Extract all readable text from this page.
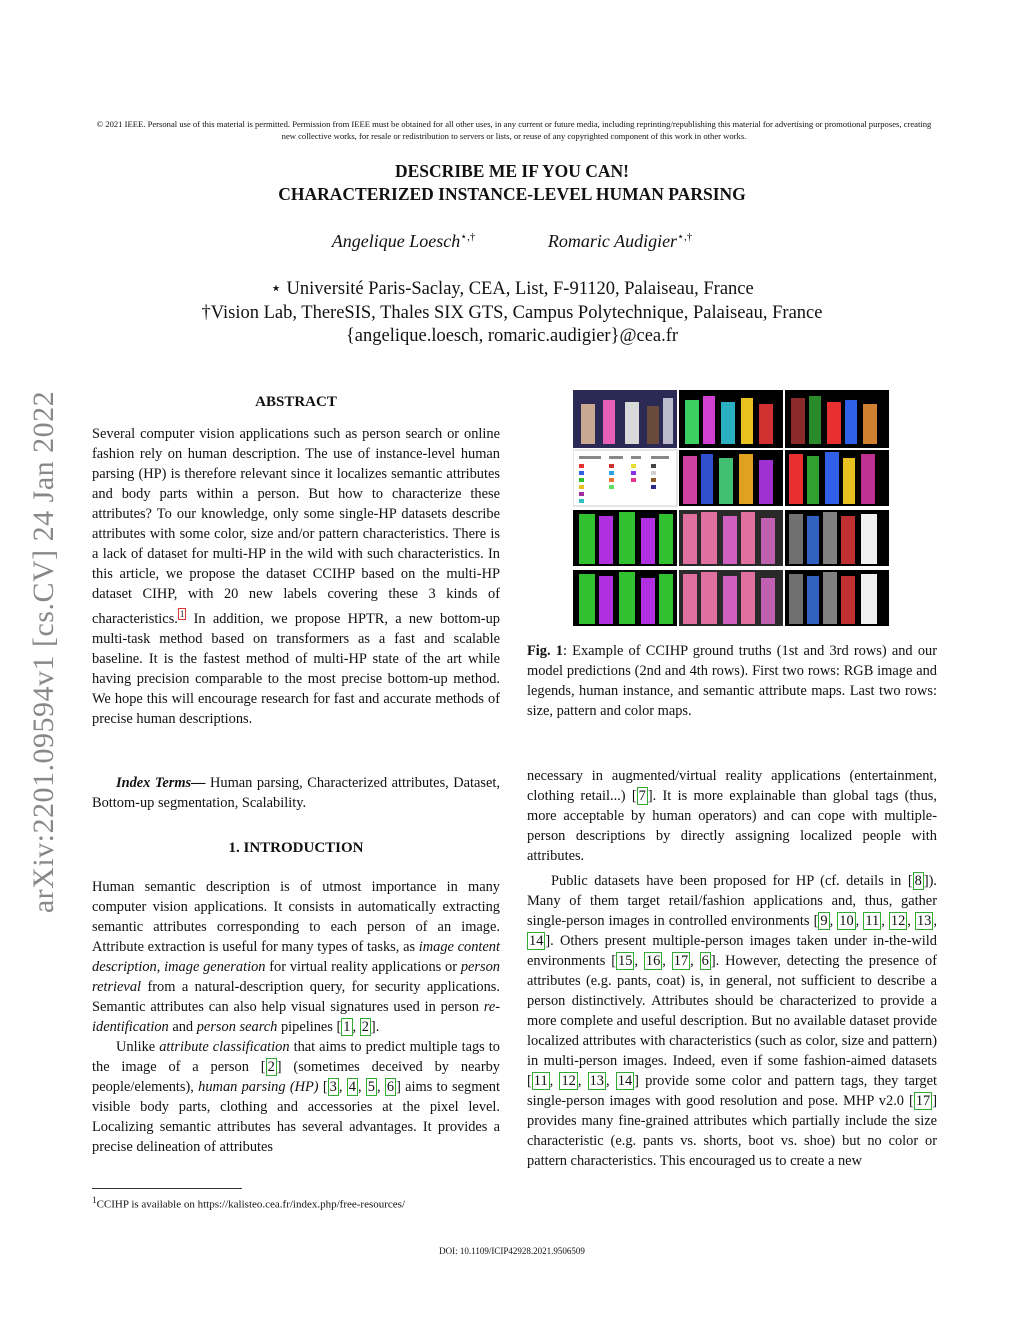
© 2021 IEEE. Personal use of this material is permitted. Permission from IEEE must be obtained for all other uses, in any current or future media, including reprinting/republishing this material for advertising or promotional purposes, creating new collective works, for resale or redistribution to servers or lists, or reuse of any copyrighted component of this work in other works.
DESCRIBE ME IF YOU CAN!
CHARACTERIZED INSTANCE-LEVEL HUMAN PARSING
Angelique Loesch⋆,†	Romaric Audigier⋆,†
⋆ Université Paris-Saclay, CEA, List, F-91120, Palaiseau, France
†Vision Lab, ThereSIS, Thales SIX GTS, Campus Polytechnique, Palaiseau, France
{angelique.loesch, romaric.audigier}@cea.fr
arXiv:2201.09594v1 [cs.CV] 24 Jan 2022	ABSTRACT

Several computer vision applications such as person search or online fashion rely on human description. The use of instance-level human parsing (HP) is therefore relevant since it localizes semantic attributes and body parts within a person. But how to characterize these attributes? To our knowledge, only some single-HP datasets describe attributes with some color, size and/or pattern characteristics. There is a lack of dataset for multi-HP in the wild with such characteristics. In this article, we propose the dataset CCIHP based on the multi-HP dataset CIHP, with 20 new labels covering these 3 kinds of characteristics. $^1$ In addition, we propose HPTR, a new bottom-up multi-task method based on transformers as a fast and scalable baseline. It is the fastest method of multi-HP state of the art while having precision comparable to the most precise bottom-up method. We hope this will encourage research for fast and accurate methods of precise human descriptions.

Index Terms— Human parsing, Characterized attributes, Dataset, Bottom-up segmentation, Scalability.

1. INTRODUCTION

Human semantic description is of utmost importance in many computer vision applications. It consists in automatically extracting semantic attributes corresponding to each person of an image. Attribute extraction is useful for many types of tasks, as image content description, image generation for virtual reality applications or person retrieval from a natural-description query, for security applications. Semantic attributes can also help visual signatures used in person re-identification and person search pipelines [ 1 , 2 ].

Unlike attribute classification that aims to predict multiple tags to the image of a person [ 2 ] (sometimes deceived by nearby people/elements), human parsing (HP) [ 3 , 4 , 5 , 6 ] aims to segment visible body parts, clothing and accessories at the pixel level. Localizing semantic attributes has several advantages. It provides a precise delineation of attributes

$^1$CCIHP is available on https://kalisteo.cea.fr/index.php/free-resources/
Fig. 1: Example of CCIHP ground truths (1st and 3rd rows) and our model predictions (2nd and 4th rows). First two rows: RGB image and legends, human instance, and semantic attribute maps. Last two rows: size, pattern and color maps.

necessary in augmented/virtual reality applications (entertainment, clothing retail...) [ 7 ]. It is more explainable than global tags (thus, more acceptable by human operators) and can cope with multiple-person descriptions by directly assigning localized people with attributes.

Public datasets have been proposed for HP (cf. details in [ 8 ]). Many of them target retail/fashion applications and, thus, gather single-person images in controlled environments [ 9 , 10 , 11 , 12 , 13 , 14 ]. Others present multiple-person images taken under in-the-wild environments [ 15 , 16 , 17 , 6 ]. However, detecting the presence of attributes (e.g. pants, coat) is, in general, not sufficient to describe a person distinctively. Attributes should be characterized to provide a more complete and useful description. But no available dataset provide localized attributes with characteristics (such as color, size and pattern) in multi-person images. Indeed, even if some fashion-aimed datasets [ 11 , 12 , 13 , 14 ] provide some color and pattern tags, they target single-person images with good resolution and pose. MHP v2.0 [ 17 ] provides many fine-grained attributes which partially include the size characteristic (e.g. pants vs. shorts, boot vs. shoe) but no color or pattern characteristics. This encouraged us to create a new

DOI: 10.1109/ICIP42928.2021.9506509
